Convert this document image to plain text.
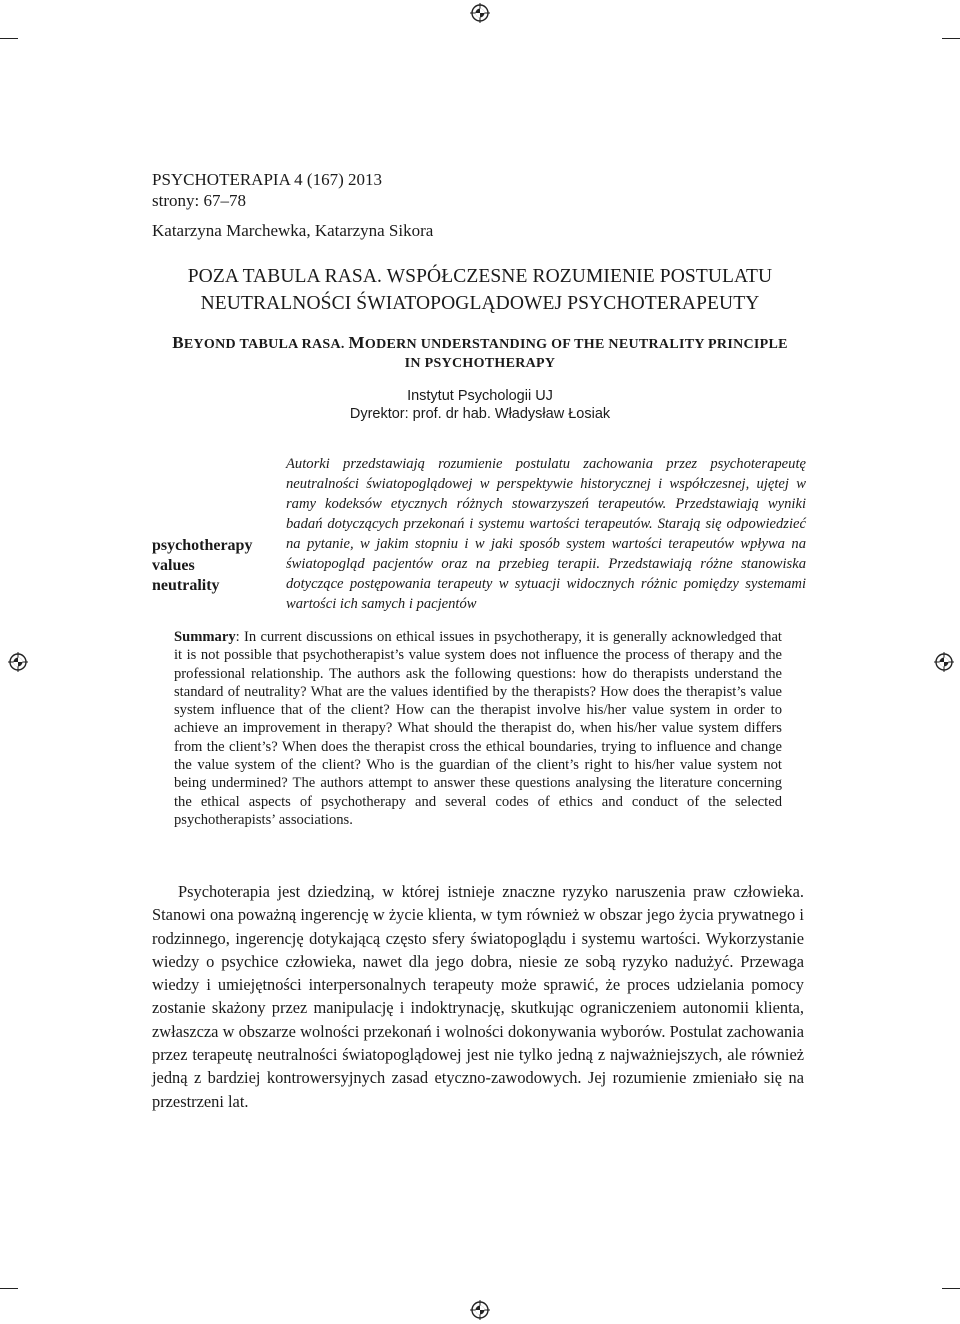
PSYCHOTERAPIA 4 (167) 2013
strony: 67–78
Katarzyna Marchewka, Katarzyna Sikora
POZA TABULA RASA. WSPÓŁCZESNE ROZUMIENIE POSTULATU
NEUTRALNOŚCI ŚWIATOPOGLĄDOWEJ PSYCHOTERAPEUTY
BEYOND TABULA RASA. MODERN UNDERSTANDING OF THE NEUTRALITY PRINCIPLE
IN PSYCHOTHERAPY
Instytut Psychologii UJ
Dyrektor: prof. dr hab. Władysław Łosiak
psychotherapy
values
neutrality
Autorki przedstawiają rozumienie postulatu zachowania przez psychoterapeutę neutralności światopoglądowej w perspektywie historycznej i współczesnej, ujętej w ramy kodeksów etycznych różnych stowarzyszeń terapeutów. Przedstawiają wyniki badań dotyczących przekonań i systemu wartości terapeutów. Starają się odpowiedzieć na pytanie, w jakim stopniu i w jaki sposób system wartości terapeutów wpływa na światopogląd pacjentów oraz na przebieg terapii. Przedstawiają różne stanowiska dotyczące postępowania terapeuty w sytuacji widocznych różnic pomiędzy systemami wartości ich samych i pacjentów
Summary: In current discussions on ethical issues in psychotherapy, it is generally acknowledged that it is not possible that psychotherapist’s value system does not influence the process of therapy and the professional relationship. The authors ask the following questions: how do therapists understand the standard of neutrality? What are the values identified by the therapists? How does the therapist’s value system influence that of the client? How can the therapist involve his/her value system in order to achieve an improvement in therapy? What should the therapist do, when his/her value system differs from the client’s? When does the therapist cross the ethical boundaries, trying to influence and change the value system of the client? Who is the guardian of the client’s right to his/her value system not being undermined? The authors attempt to answer these questions analysing the literature concerning the ethical aspects of psychotherapy and several codes of ethics and conduct of the selected psychotherapists’ associations.
Psychoterapia jest dziedziną, w której istnieje znaczne ryzyko naruszenia praw człowieka. Stanowi ona poważną ingerencję w życie klienta, w tym również w obszar jego życia prywatnego i rodzinnego, ingerencję dotykającą często sfery światopoglądu i systemu wartości. Wykorzystanie wiedzy o psychice człowieka, nawet dla jego dobra, niesie ze sobą ryzyko nadużyć. Przewaga wiedzy i umiejętności interpersonalnych terapeuty może sprawić, że proces udzielania pomocy zostanie skażony przez manipulację i indoktrynację, skutkując ograniczeniem autonomii klienta, zwłaszcza w obszarze wolności przekonań i wolności dokonywania wyborów. Postulat zachowania przez terapeutę neutralności światopoglądowej jest nie tylko jedną z najważniejszych, ale również jedną z bardziej kontrowersyjnych zasad etyczno-zawodowych. Jej rozumienie zmieniało się na przestrzeni lat.
